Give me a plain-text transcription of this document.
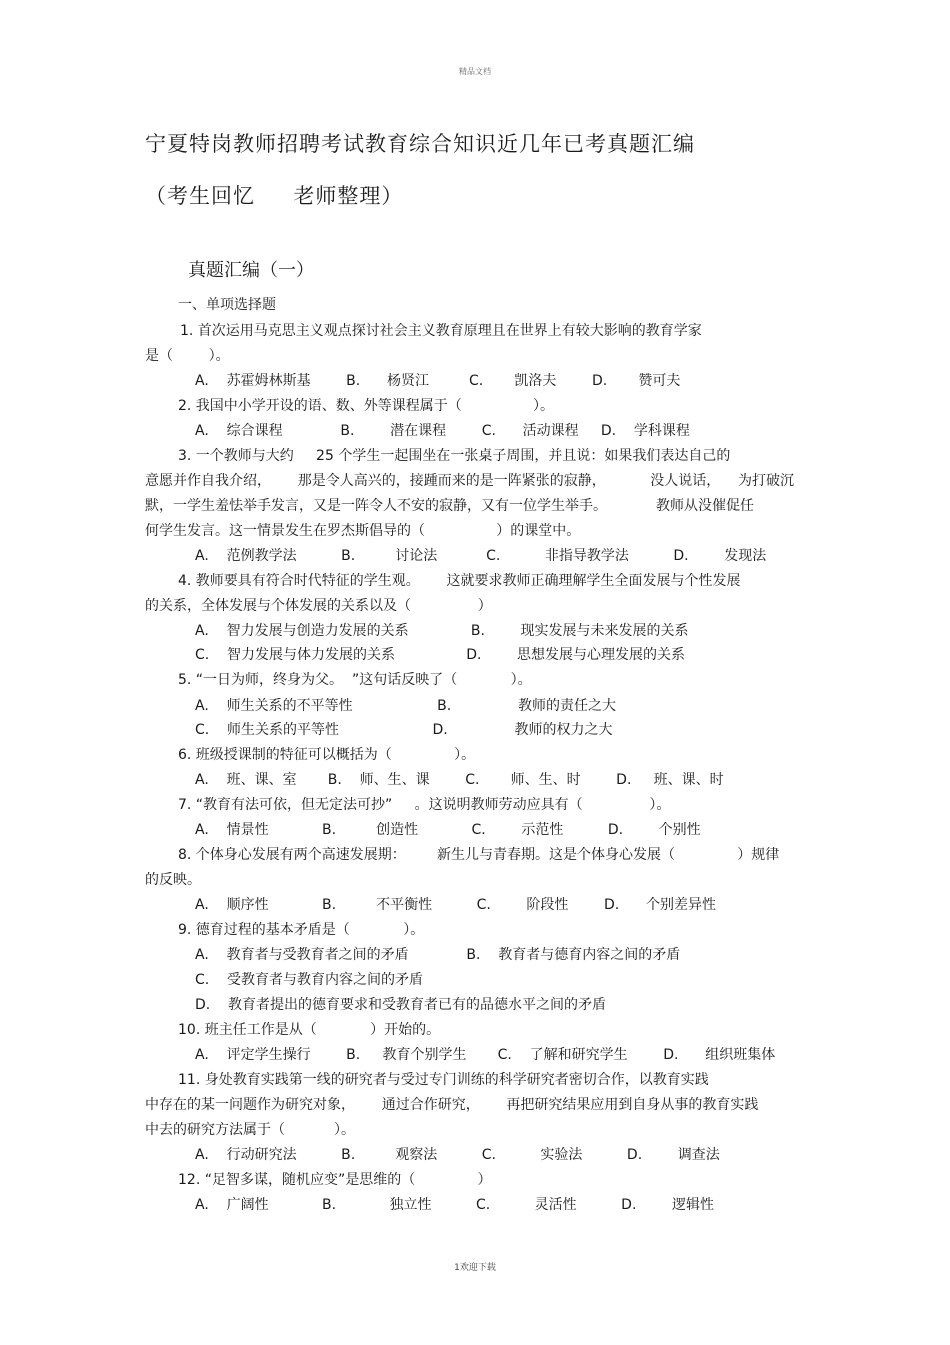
精品文档
宁夏特岗教师招聘考试教育综合知识近几年已考真题汇编
（考生回忆     老师整理）
真题汇编（一）
一、单项选择题
1. 首次运用马克思主义观点探讨社会主义教育原理且在世界上有较大影响的教育学家
是（        ）。
A.    苏霍姆林斯基        B.      杨贤江         C.       凯洛夫        D.       赞可夫
2. 我国中小学开设的语、数、外等课程属于（                ）。
A.    综合课程             B.        潜在课程        C.      活动课程     D.    学科课程
3. 一个教师与大约     25 个学生一起围坐在一张桌子周围，并且说：如果我们表达自己的
意愿并作自我介绍，      那是令人高兴的，接踵而来的是一阵紧张的寂静，          没人说话，    为打破沉
默，一学生羞怯举手发言，又是一阵令人不安的寂静，又有一位学生举手。           教师从没催促任
何学生发言。这一情景发生在罗杰斯倡导的（                ）的课堂中。
A.    范例教学法          B.         讨论法           C.          非指导教学法          D.        发现法
4. 教师要具有符合时代特征的学生观。      这就要求教师正确理解学生全面发展与个性发展
的关系，全体发展与个体发展的关系以及（               ）
A.    智力发展与创造力发展的关系              B.        现实发展与未来发展的关系
C.    智力发展与体力发展的关系                D.        思想发展与心理发展的关系
5. “一日为师，终身为父。  ”这句话反映了（            ）。
A.    师生关系的不平等性                   B.               教师的责任之大
C.    师生关系的平等性                     D.               教师的权力之大
6. 班级授课制的特征可以概括为（              ）。
A.    班、课、室       B.    师、生、课        C.       师、生、时        D.     班、课、时
7. “教育有法可依，但无定法可抄”     。这说明教师劳动应具有（               ）。
A.    情景性            B.         创造性            C.        示范性          D.        个别性
8. 个体身心发展有两个高速发展期：       新生儿与青春期。这是个体身心发展（              ）规律
的反映。
A.    顺序性            B.         不平衡性          C.        阶段性        D.      个别差异性
9. 德育过程的基本矛盾是（            ）。
A.    教育者与受教育者之间的矛盾             B.    教育者与德育内容之间的矛盾
C.    受教育者与教育内容之间的矛盾
D.    教育者提出的德育要求和受教育者已有的品德水平之间的矛盾
10. 班主任工作是从（            ）开始的。
A.    评定学生操行        B.     教育个别学生       C.    了解和研究学生        D.      组织班集体
11. 身处教育实践第一线的研究者与受过专门训练的科学研究者密切合作，以教育实践
中存在的某一问题作为研究对象，      通过合作研究，      再把研究结果应用到自身从事的教育实践
中去的研究方法属于（           ）。
A.    行动研究法          B.         观察法          C.          实验法          D.        调查法
12. “足智多谋，随机应变”是思维的（              ）
A.    广阔性            B.            独立性          C.          灵活性          D.        逻辑性
1欢迎下载
